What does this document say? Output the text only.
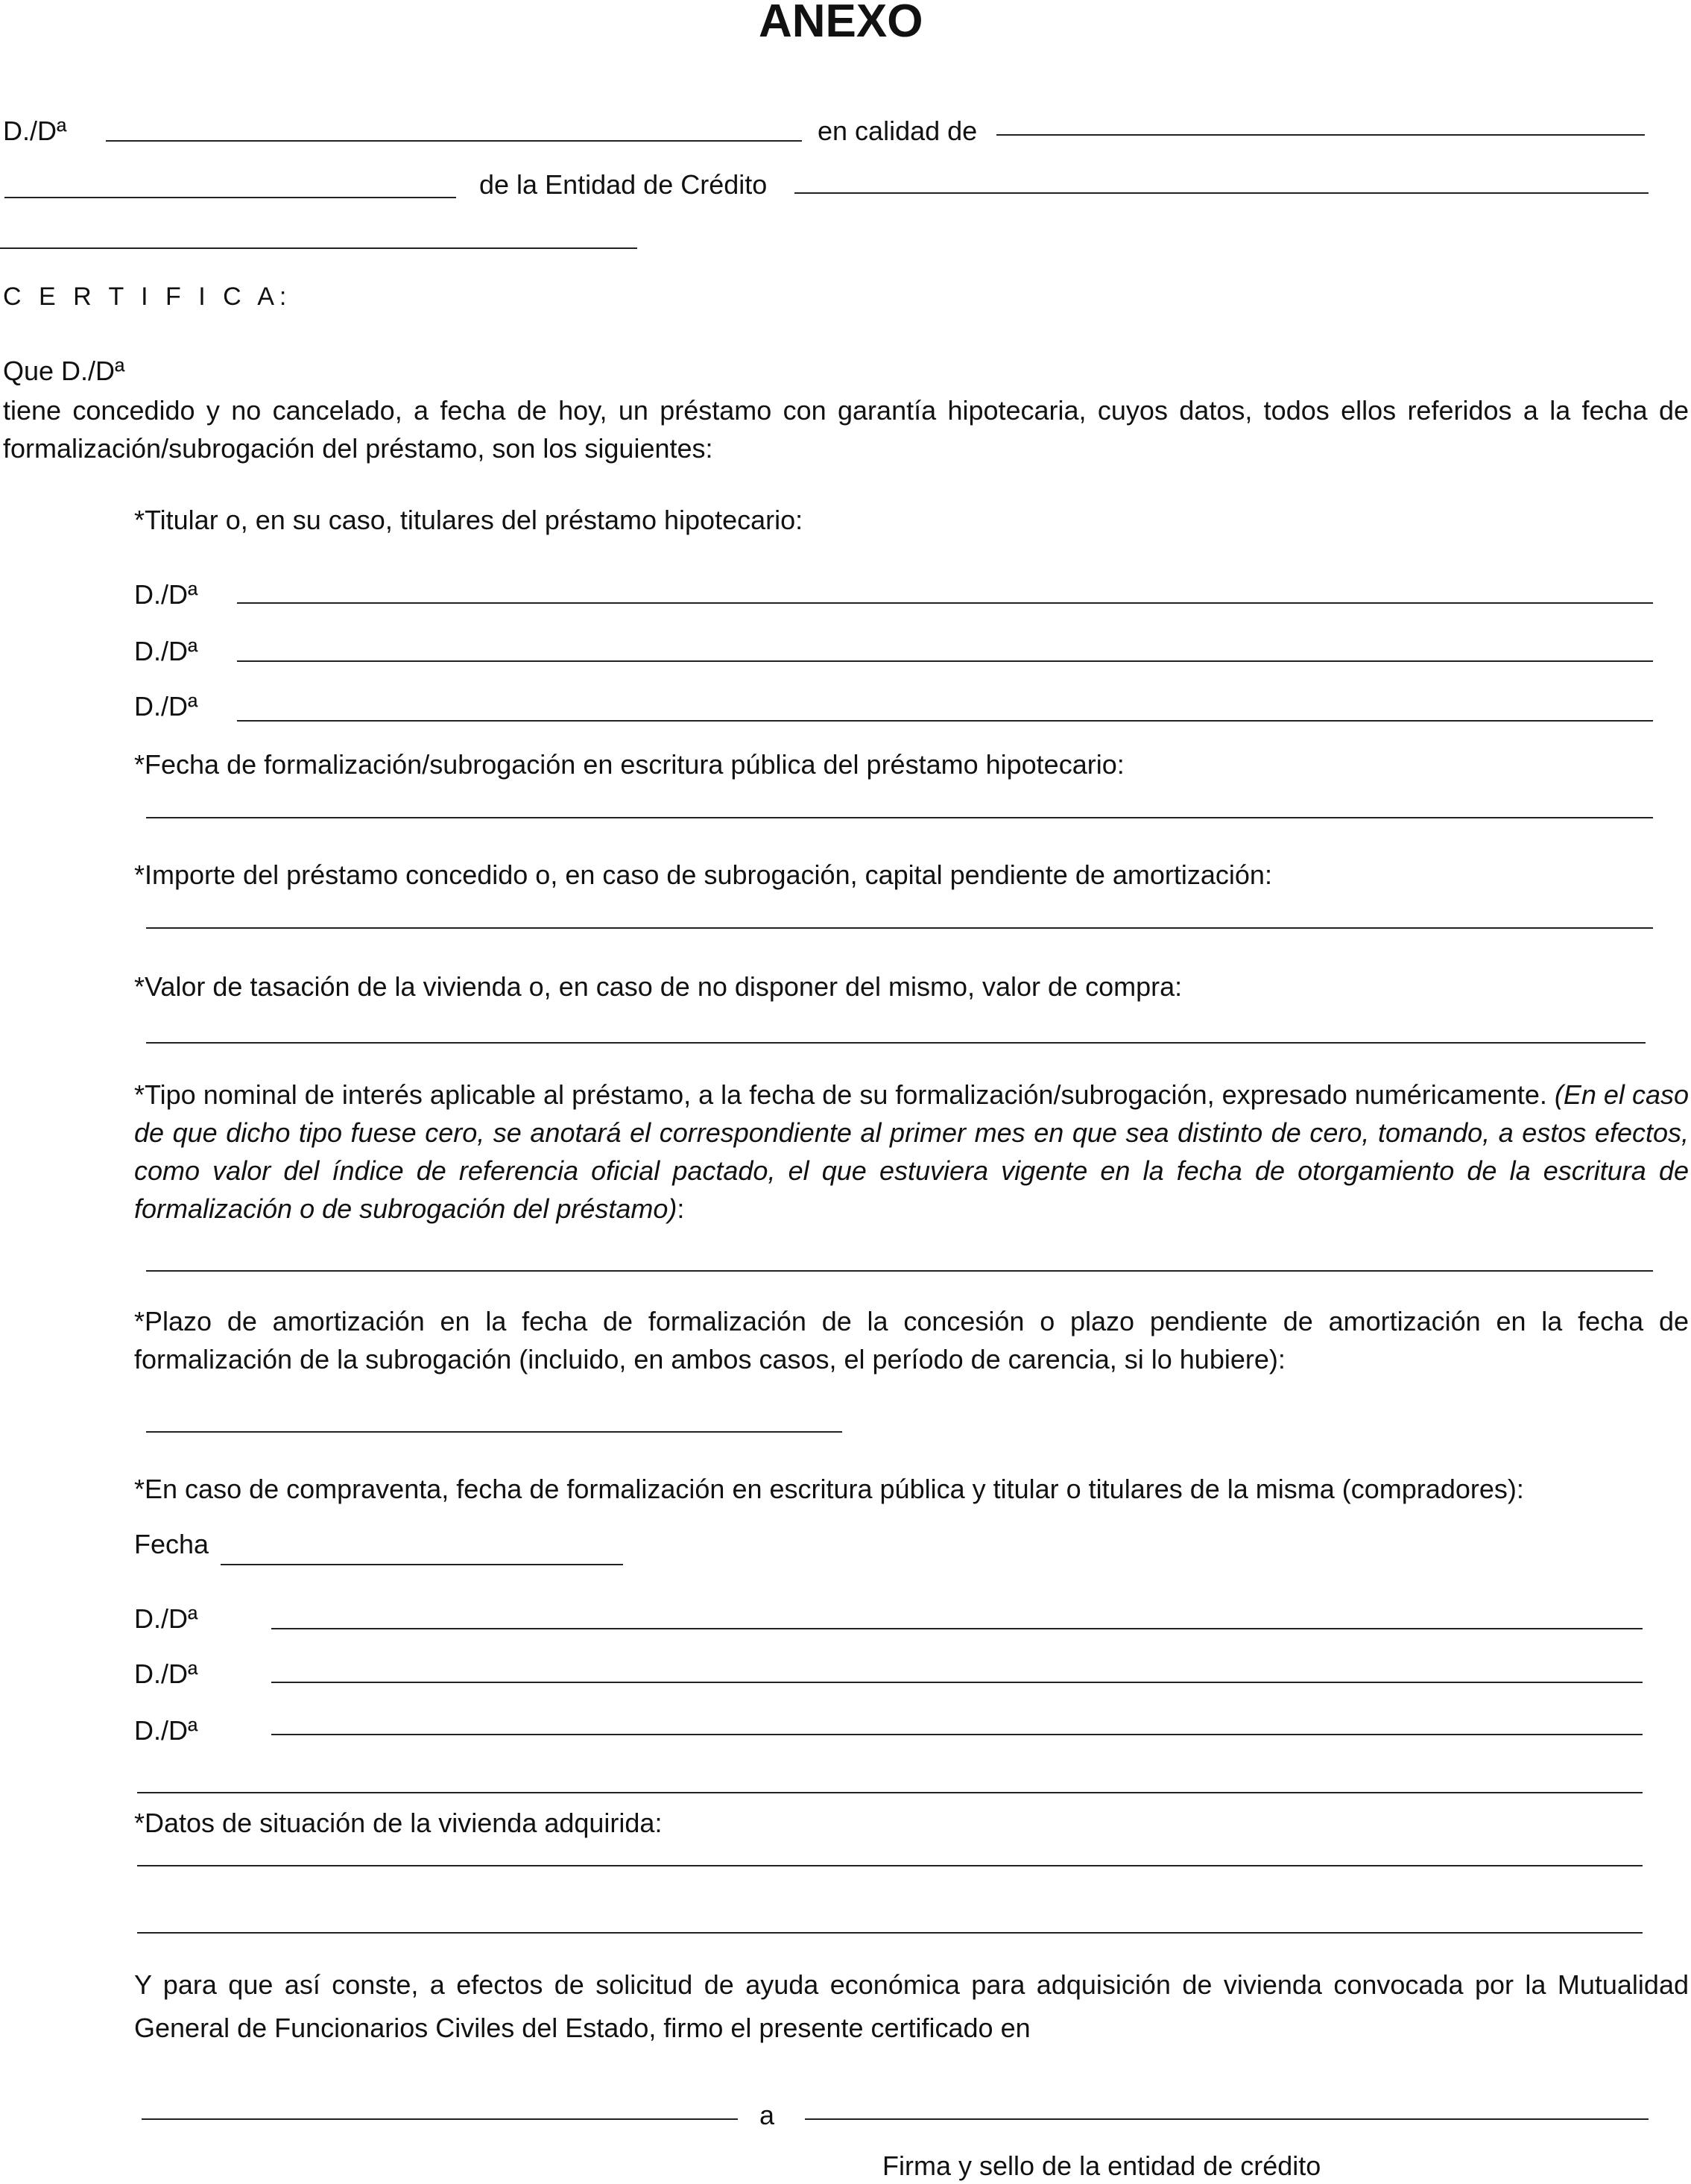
ANEXO
D./Dª	en calidad de
de la Entidad de Crédito
C E R T I F I C A:
Que D./Dª
tiene concedido y no cancelado, a fecha de hoy, un préstamo con garantía hipotecaria, cuyos datos, todos ellos referidos a la fecha de formalización/subrogación del préstamo, son los siguientes:
*Titular o, en su caso, titulares del préstamo hipotecario:
D./Dª
D./Dª
D./Dª
*Fecha de formalización/subrogación en escritura pública del préstamo hipotecario:
*Importe del préstamo concedido o, en caso de subrogación, capital pendiente de amortización:
*Valor de tasación de la vivienda o, en caso de no disponer del mismo, valor de compra:
*Tipo nominal de interés aplicable al préstamo, a la fecha de su formalización/subrogación, expresado numéricamente. (En el caso de que dicho tipo fuese cero, se anotará el correspondiente al primer mes en que sea distinto de cero, tomando, a estos efectos, como valor del índice de referencia oficial pactado, el que estuviera vigente en la fecha de otorgamiento de la escritura de formalización o de subrogación del préstamo):
*Plazo de amortización en la fecha de formalización de la concesión o plazo pendiente de amortización en la fecha de formalización de la subrogación (incluido, en ambos casos, el período de carencia, si lo hubiere):
*En caso de compraventa, fecha de formalización en escritura pública y titular o titulares de la misma (compradores):
Fecha
D./Dª
D./Dª
D./Dª
*Datos de situación de la vivienda adquirida:
Y para que así conste, a efectos de solicitud de ayuda económica para adquisición de vivienda convocada por la Mutualidad General de Funcionarios Civiles del Estado, firmo el presente certificado en
a
Firma y sello de la entidad de crédito
